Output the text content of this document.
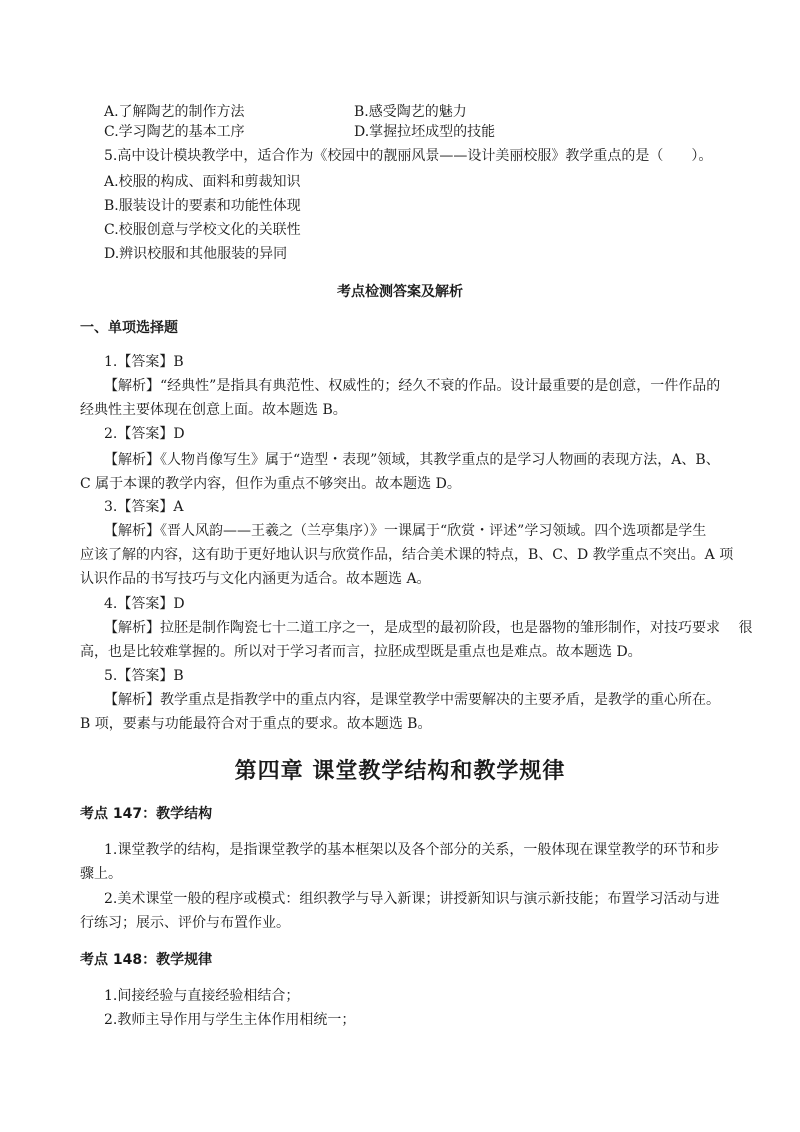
A.了解陶艺的制作方法	B.感受陶艺的魅力
C.学习陶艺的基本工序	D.掌握拉坯成型的技能
5.高中设计模块教学中，适合作为《校园中的靓丽风景——设计美丽校服》教学重点的是（　　）。
A.校服的构成、面料和剪裁知识
B.服装设计的要素和功能性体现
C.校服创意与学校文化的关联性
D.辨识校服和其他服装的异同
考点检测答案及解析
一、单项选择题
1.【答案】B
【解析】“经典性”是指具有典范性、权威性的；经久不衰的作品。设计最重要的是创意，一件作品的
经典性主要体现在创意上面。故本题选 B。
2.【答案】D
【解析】《人物肖像写生》属于“造型・表现”领域，其教学重点的是学习人物画的表现方法，A、B、
C 属于本课的教学内容，但作为重点不够突出。故本题选 D。
3.【答案】A
【解析】《晋人风韵——王羲之（兰亭集序）》一课属于“欣赏・评述”学习领域。四个选项都是学生
应该了解的内容，这有助于更好地认识与欣赏作品，结合美术课的特点，B、C、D 教学重点不突出。A 项
认识作品的书写技巧与文化内涵更为适合。故本题选 A。
4.【答案】D
【解析】拉胚是制作陶瓷七十二道工序之一，是成型的最初阶段，也是器物的雏形制作，对技巧要求　 很
高，也是比较难掌握的。所以对于学习者而言，拉胚成型既是重点也是难点。故本题选 D。
5.【答案】B
【解析】教学重点是指教学中的重点内容，是课堂教学中需要解决的主要矛盾，是教学的重心所在。
B 项，要素与功能最符合对于重点的要求。故本题选 B。
第四章 课堂教学结构和教学规律
考点 147：教学结构
1.课堂教学的结构，是指课堂教学的基本框架以及各个部分的关系，一般体现在课堂教学的环节和步
骤上。
2.美术课堂一般的程序或模式：组织教学与导入新课；讲授新知识与演示新技能；布置学习活动与进
行练习；展示、评价与布置作业。
考点 148：教学规律
1.间接经验与直接经验相结合；
2.教师主导作用与学生主体作用相统一；
